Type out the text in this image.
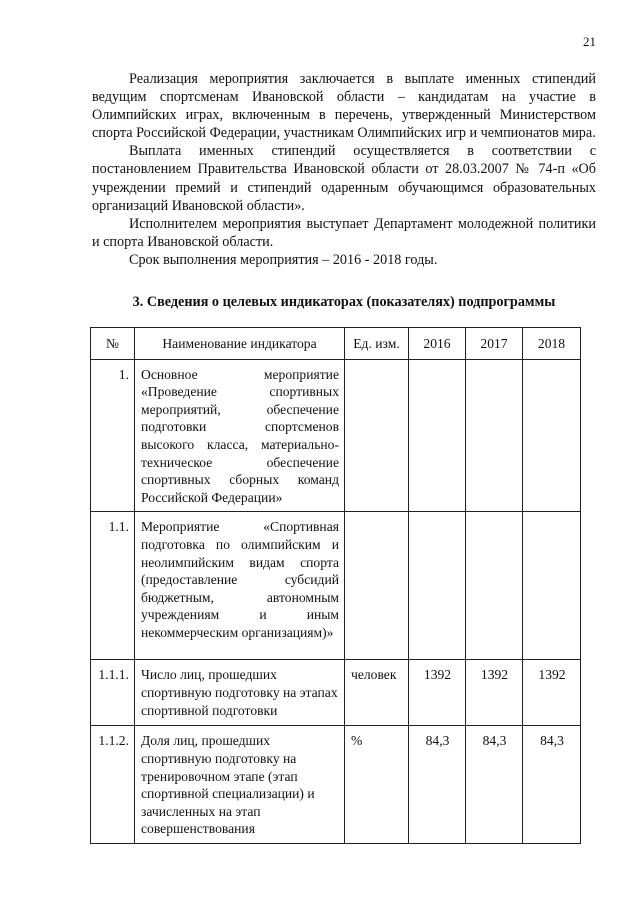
21

Реализация мероприятия заключается в выплате именных стипендий ведущим спортсменам Ивановской области – кандидатам на участие в Олимпийских играх, включенным в перечень, утвержденный Министерством спорта Российской Федерации, участникам Олимпийских игр и чемпионатов мира.

Выплата именных стипендий осуществляется в соответствии с постановлением Правительства Ивановской области от 28.03.2007 № 74-п «Об учреждении премий и стипендий одаренным обучающимся образовательных организаций Ивановской области».

Исполнителем мероприятия выступает Департамент молодежной политики и спорта Ивановской области.

Срок выполнения мероприятия – 2016 - 2018 годы.

3. Сведения о целевых индикаторах (показателях) подпрограммы
№	Наименование индикатора	Ед. изм.	2016	2017	2018
1.	Основное мероприятие «Проведение спортивных мероприятий, обеспечение подготовки спортсменов высокого класса, материально-техническое обеспечение спортивных сборных команд Российской Федерации»				
1.1.	Мероприятие «Спортивная подготовка по олимпийским и неолимпийским видам спорта (предоставление субсидий бюджетным, автономным учреждениям и иным некоммерческим организациям)»				
1.1.1.	Число лиц, прошедших спортивную подготовку на этапах спортивной подготовки	человек	1392	1392	1392
1.1.2.	Доля лиц, прошедших спортивную подготовку на тренировочном этапе (этап спортивной специализации) и зачисленных на этап совершенствования	%	84,3	84,3	84,3
